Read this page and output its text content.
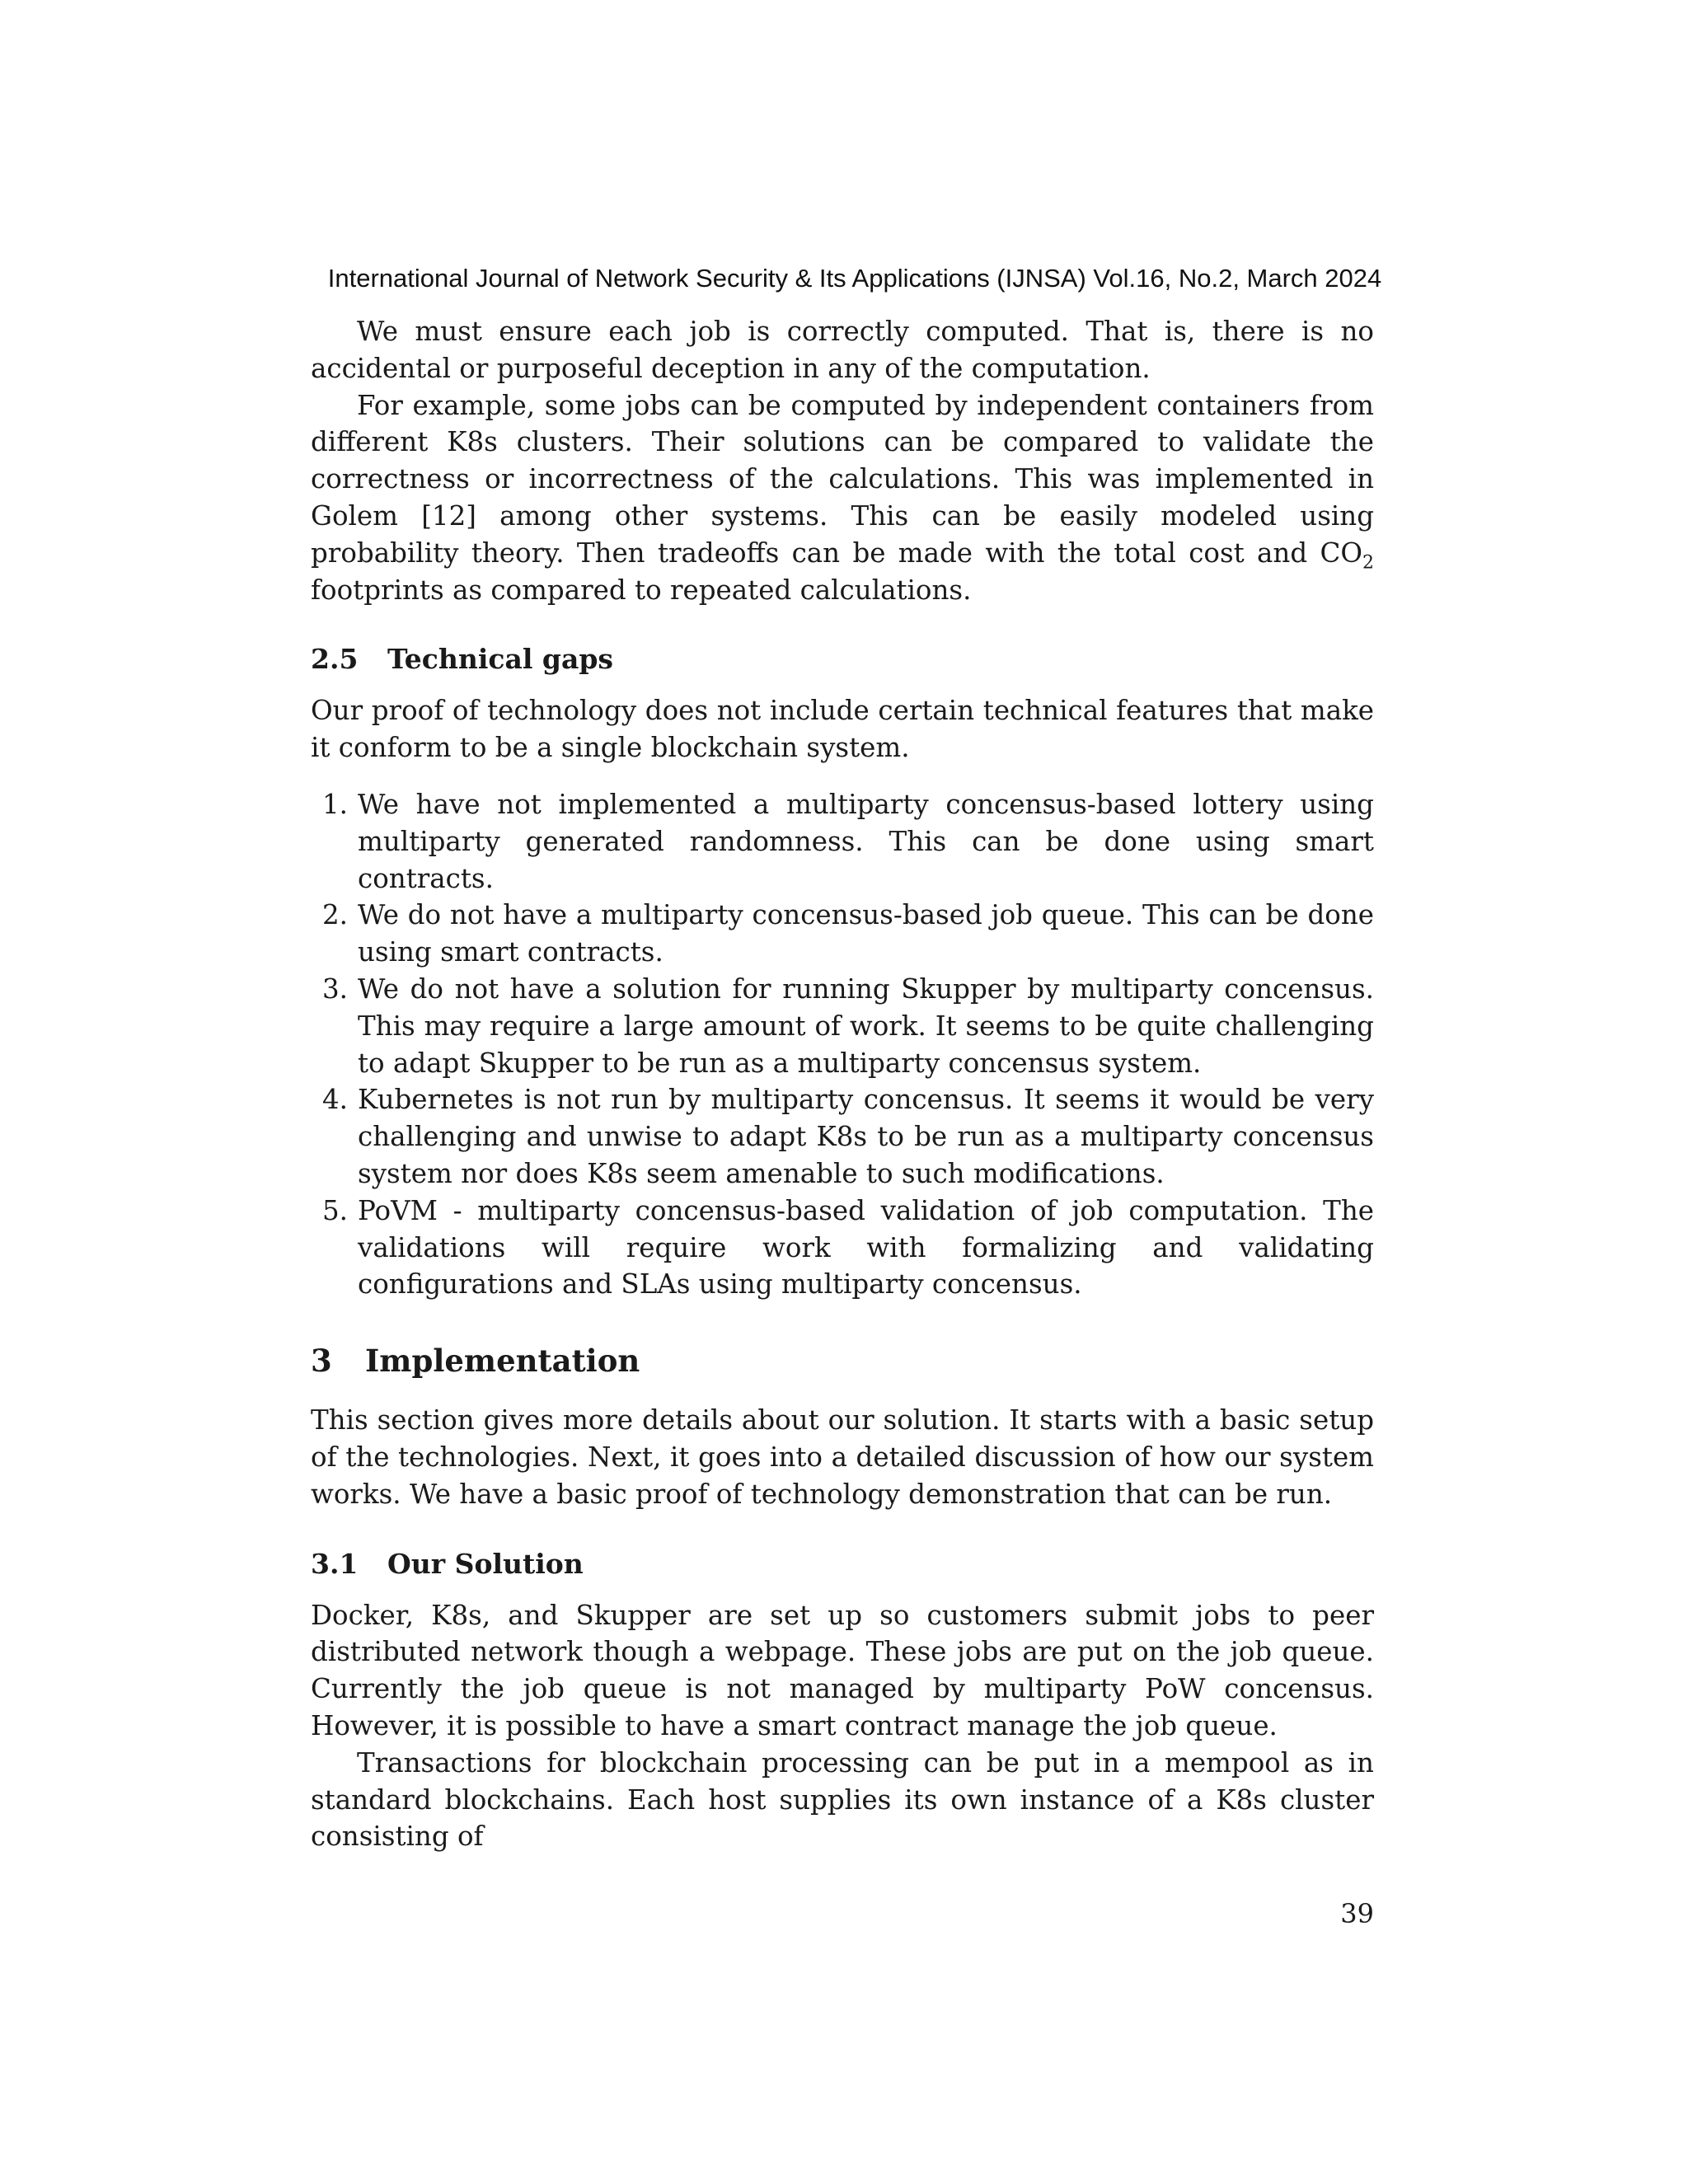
International Journal of Network Security & Its Applications (IJNSA) Vol.16, No.2, March 2024

We must ensure each job is correctly computed. That is, there is no accidental or purposeful deception in any of the computation.

For example, some jobs can be computed by independent containers from different K8s clusters. Their solutions can be compared to validate the correctness or incorrectness of the calculations. This was implemented in Golem [12] among other systems. This can be easily modeled using probability theory. Then tradeoffs can be made with the total cost and $CO_2$ footprints as compared to repeated calculations.

2.5 Technical gaps

Our proof of technology does not include certain technical features that make it conform to be a single blockchain system.

1. We have not implemented a multiparty concensus-based lottery using multiparty generated randomness. This can be done using smart contracts.
2. We do not have a multiparty concensus-based job queue. This can be done using smart contracts.
3. We do not have a solution for running Skupper by multiparty concensus. This may require a large amount of work. It seems to be quite challenging to adapt Skupper to be run as a multiparty concensus system.
4. Kubernetes is not run by multiparty concensus. It seems it would be very challenging and unwise to adapt K8s to be run as a multiparty concensus system nor does K8s seem amenable to such modifications.
5. PoVM - multiparty concensus-based validation of job computation. The validations will require work with formalizing and validating configurations and SLAs using multiparty concensus.
3 Implementation

This section gives more details about our solution. It starts with a basic setup of the technologies. Next, it goes into a detailed discussion of how our system works. We have a basic proof of technology demonstration that can be run.

3.1 Our Solution

Docker, K8s, and Skupper are set up so customers submit jobs to peer distributed network though a webpage. These jobs are put on the job queue. Currently the job queue is not managed by multiparty PoW concensus. However, it is possible to have a smart contract manage the job queue.

Transactions for blockchain processing can be put in a mempool as in standard blockchains. Each host supplies its own instance of a K8s cluster consisting of

39
